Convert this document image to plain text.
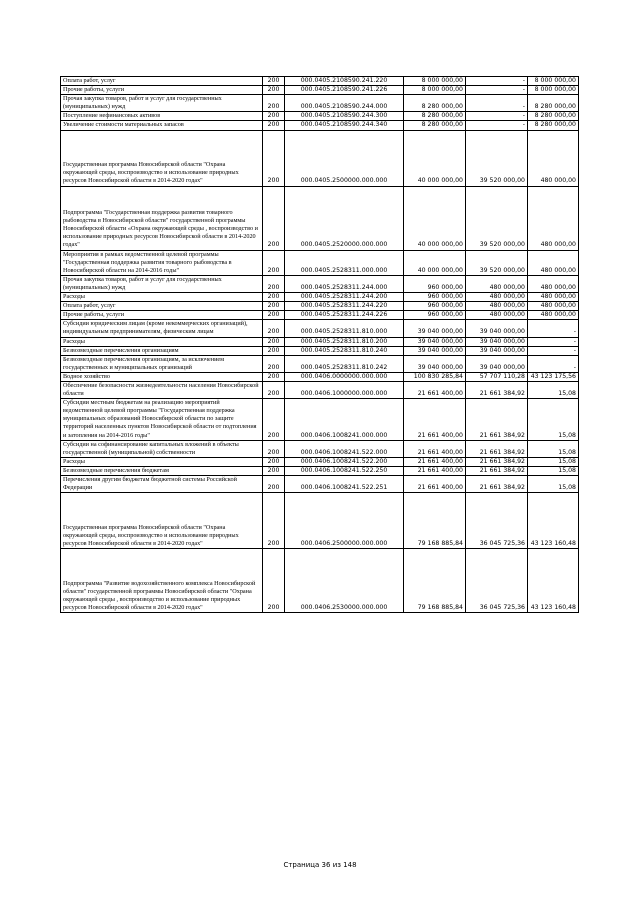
Оплата работ, услуг	200	000.0405.2108590.241.220	8 000 000,00	-	8 000 000,00
Прочие работы, услуги	200	000.0405.2108590.241.226	8 000 000,00	-	8 000 000,00
Прочая закупка товаров, работ и услуг для государственных (муниципальных) нужд	200	000.0405.2108590.244.000	8 280 000,00	-	8 280 000,00
Поступление нефинансовых активов	200	000.0405.2108590.244.300	8 280 000,00	-	8 280 000,00
Увеличение стоимости материальных запасов	200	000.0405.2108590.244.340	8 280 000,00	-	8 280 000,00
Государственная программа Новосибирской области "Охрана окружающей среды, воспроизводство и использование природных ресурсов Новосибирской области в 2014-2020 годах"	200	000.0405.2500000.000.000	40 000 000,00	39 520 000,00	480 000,00
Подпрограмма "Государственная поддержка развития товарного рыбоводства в Новосибирской области" государственной программы Новосибирской области «Охрана окружающей среды , воспроизводство и использование природных ресурсов Новосибирской области в 2014-2020 годах"	200	000.0405.2520000.000.000	40 000 000,00	39 520 000,00	480 000,00
Мероприятия в рамках ведомственной целевой программы "Государственная поддержка развития товарного рыбоводства в Новосибирской области на 2014-2016 годы"	200	000.0405.2528311.000.000	40 000 000,00	39 520 000,00	480 000,00
Прочая закупка товаров, работ и услуг для государственных (муниципальных) нужд	200	000.0405.2528311.244.000	960 000,00	480 000,00	480 000,00
Расходы	200	000.0405.2528311.244.200	960 000,00	480 000,00	480 000,00
Оплата работ, услуг	200	000.0405.2528311.244.220	960 000,00	480 000,00	480 000,00
Прочие работы, услуги	200	000.0405.2528311.244.226	960 000,00	480 000,00	480 000,00
Субсидии юридическим лицам (кроме некоммерческих организаций), индивидуальным предпринимателям, физическим лицам	200	000.0405.2528311.810.000	39 040 000,00	39 040 000,00	-
Расходы	200	000.0405.2528311.810.200	39 040 000,00	39 040 000,00	-
Безвозмездные перечисления организациям	200	000.0405.2528311.810.240	39 040 000,00	39 040 000,00	-
Безвозмездные перечисления организациям, за исключением государственных и муниципальных организаций	200	000.0405.2528311.810.242	39 040 000,00	39 040 000,00	-
Водное хозяйство	200	000.0406.0000000.000.000	100 830 285,84	57 707 110,28	43 123 175,56
Обеспечение безопасности жизнедеятельности населения Новосибирской области	200	000.0406.1000000.000.000	21 661 400,00	21 661 384,92	15,08
Субсидии местным бюджетам на реализацию мероприятий ведомственной целевой программы "Государственная поддержка муниципальных образований Новосибирской области по защите территорий населенных пунктов Новосибирской области от подтопления и затопления на 2014-2016 годы"	200	000.0406.1008241.000.000	21 661 400,00	21 661 384,92	15,08
Субсидии на софинансирование капитальных вложений в объекты государственной (муниципальной) собственности	200	000.0406.1008241.522.000	21 661 400,00	21 661 384,92	15,08
Расходы	200	000.0406.1008241.522.200	21 661 400,00	21 661 384,92	15,08
Безвозмездные перечисления бюджетам	200	000.0406.1008241.522.250	21 661 400,00	21 661 384,92	15,08
Перечисления другим бюджетам бюджетной системы Российской Федерации	200	000.0406.1008241.522.251	21 661 400,00	21 661 384,92	15,08
Государственная программа Новосибирской области "Охрана окружающей среды, воспроизводство и использование природных ресурсов Новосибирской области в 2014-2020 годах"	200	000.0406.2500000.000.000	79 168 885,84	36 045 725,36	43 123 160,48
Подпрограмма "Развитие водохозяйственного комплекса Новосибирской области" государственной программы Новосибирской области "Охрана окружающей среды , воспроизводство и использование природных ресурсов Новосибирской области в 2014-2020 годах"	200	000.0406.2530000.000.000	79 168 885,84	36 045 725,36	43 123 160,48
Страница 36 из 148
